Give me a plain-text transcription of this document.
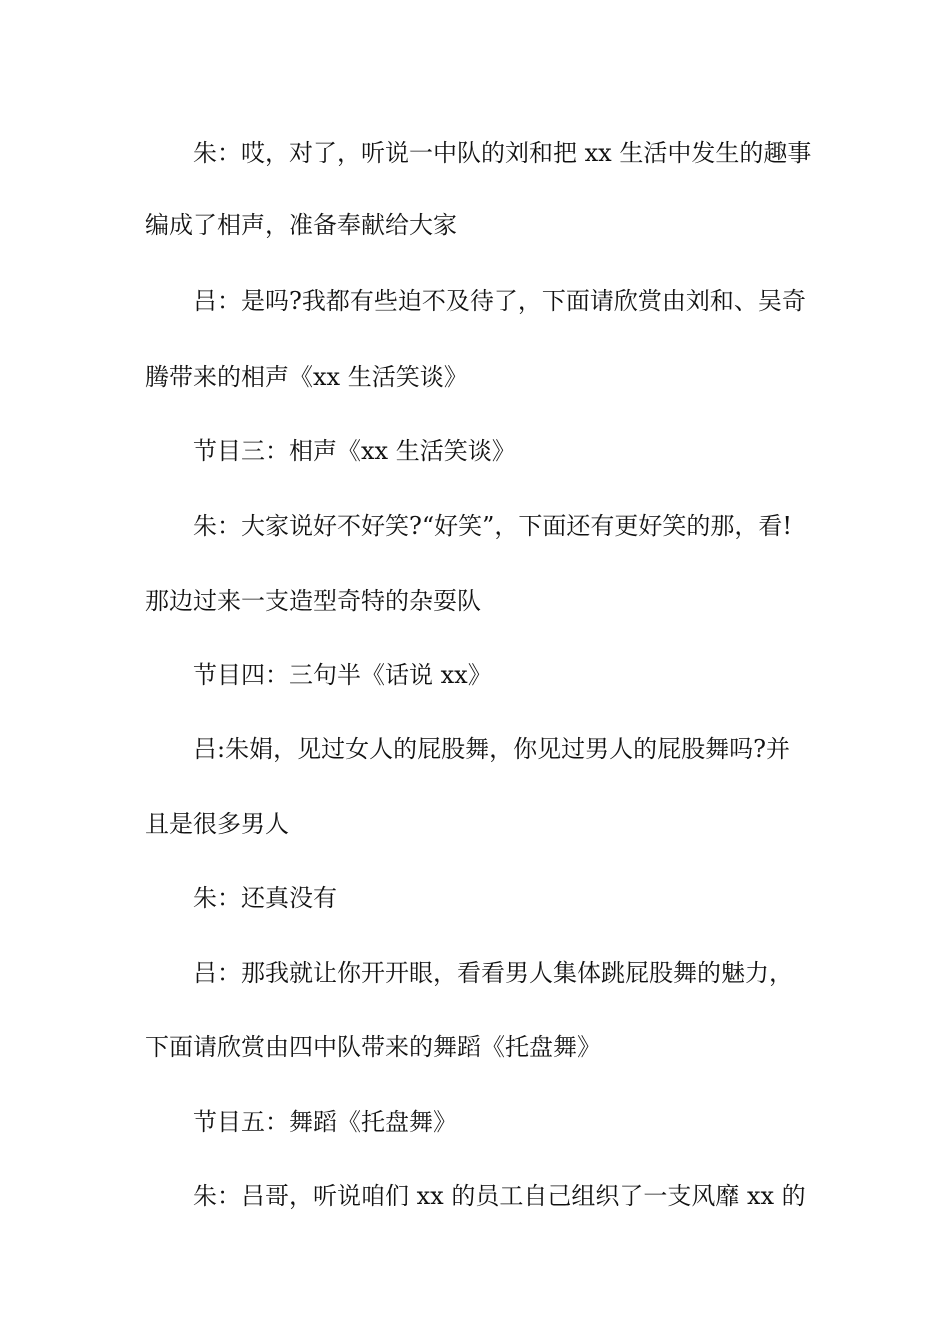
朱：哎，对了，听说一中队的刘和把 xx 生活中发生的趣事
编成了相声，准备奉献给大家
吕：是吗?我都有些迫不及待了，下面请欣赏由刘和、吴奇
腾带来的相声《xx 生活笑谈》
节目三：相声《xx 生活笑谈》
朱：大家说好不好笑?“好笑”，下面还有更好笑的那，看!
那边过来一支造型奇特的杂耍队
节目四：三句半《话说 xx》
吕:朱娟，见过女人的屁股舞，你见过男人的屁股舞吗?并
且是很多男人
朱：还真没有
吕：那我就让你开开眼，看看男人集体跳屁股舞的魅力，
下面请欣赏由四中队带来的舞蹈《托盘舞》
节目五：舞蹈《托盘舞》
朱：吕哥，听说咱们 xx 的员工自己组织了一支风靡 xx 的
